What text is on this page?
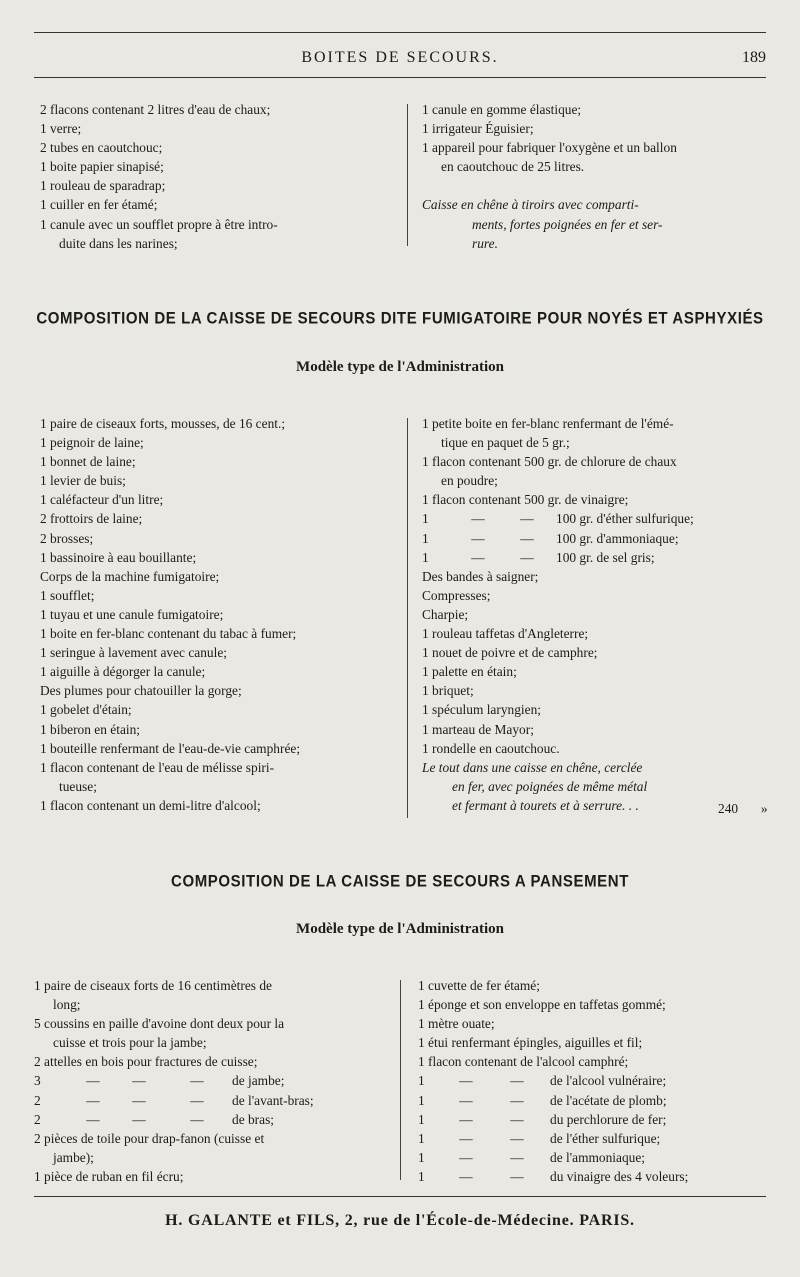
BOITES DE SECOURS.	189
2 flacons contenant 2 litres d'eau de chaux;
1 verre;
2 tubes en caoutchouc;
1 boite papier sinapisé;
1 rouleau de sparadrap;
1 cuiller en fer étamé;
1 canule avec un soufflet propre à être intro-
duite dans les narines;
1 canule en gomme élastique;
1 irrigateur Éguisier;
1 appareil pour fabriquer l'oxygène et un ballon
en caoutchouc de 25 litres.

Caisse en chêne à tiroirs avec comparti-
ments, fortes poignées en fer et ser-
rure.
COMPOSITION DE LA CAISSE DE SECOURS DITE FUMIGATOIRE POUR NOYÉS ET ASPHYXIÉS
Modèle type de l'Administration
1 paire de ciseaux forts, mousses, de 16 cent.;
1 peignoir de laine;
1 bonnet de laine;
1 levier de buis;
1 caléfacteur d'un litre;
2 frottoirs de laine;
2 brosses;
1 bassinoire à eau bouillante;
Corps de la machine fumigatoire;
1 soufflet;
1 tuyau et une canule fumigatoire;
1 boite en fer-blanc contenant du tabac à fumer;
1 seringue à lavement avec canule;
1 aiguille à dégorger la canule;
Des plumes pour chatouiller la gorge;
1 gobelet d'étain;
1 biberon en étain;
1 bouteille renfermant de l'eau-de-vie camphrée;
1 flacon contenant de l'eau de mélisse spiri-
tueuse;
1 flacon contenant un demi-litre d'alcool;
1 petite boite en fer-blanc renfermant de l'émé-
tique en paquet de 5 gr.;
1 flacon contenant 500 gr. de chlorure de chaux
en poudre;
1 flacon contenant 500 gr. de vinaigre;
1	—	—	100 gr. d'éther sulfurique;
1	—	—	100 gr. d'ammoniaque;
1	—	—	100 gr. de sel gris;
Des bandes à saigner;
Compresses;
Charpie;
1 rouleau taffetas d'Angleterre;
1 nouet de poivre et de camphre;
1 palette en étain;
1 briquet;
1 spéculum laryngien;
1 marteau de Mayor;
1 rondelle en caoutchouc.
Le tout dans une caisse en chêne, cerclée
en fer, avec poignées de même métal
et fermant à tourets et à serrure. . .	240 »
COMPOSITION DE LA CAISSE DE SECOURS A PANSEMENT
Modèle type de l'Administration
1 paire de ciseaux forts de 16 centimètres de
long;
5 coussins en paille d'avoine dont deux pour la
cuisse et trois pour la jambe;
2 attelles en bois pour fractures de cuisse;
3	—	—	—	de jambe;
2	—	—	—	de l'avant-bras;
2	—	—	—	de bras;
2 pièces de toile pour drap-fanon (cuisse et
jambe);
1 pièce de ruban en fil écru;
1 cuvette de fer étamé;
1 éponge et son enveloppe en taffetas gommé;
1 mètre ouate;
1 étui renfermant épingles, aiguilles et fil;
1 flacon contenant de l'alcool camphré;
1	—	—	de l'alcool vulnéraire;
1	—	—	de l'acétate de plomb;
1	—	—	du perchlorure de fer;
1	—	—	de l'éther sulfurique;
1	—	—	de l'ammoniaque;
1	—	—	du vinaigre des 4 voleurs;
H. GALANTE et FILS, 2, rue de l'École-de-Médecine. PARIS.
